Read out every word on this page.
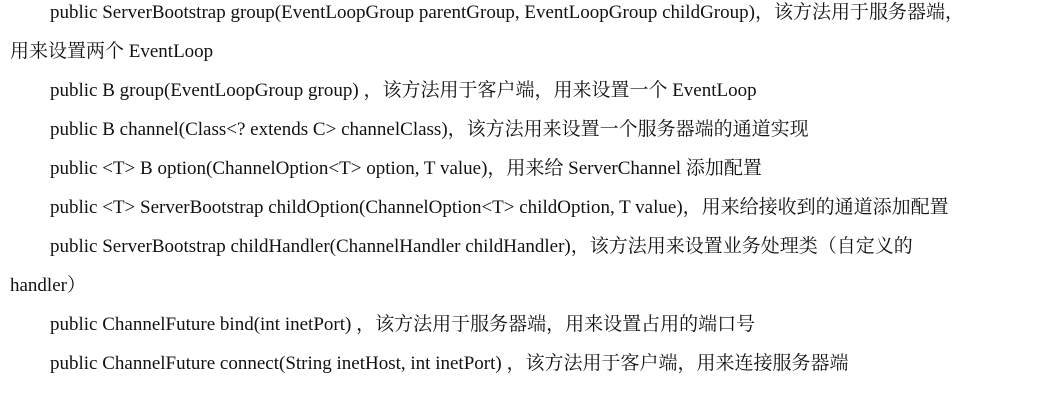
public ServerBootstrap group(EventLoopGroup parentGroup, EventLoopGroup childGroup)，该方法用于服务器端，
用来设置两个 EventLoop

public B group(EventLoopGroup group) ，该方法用于客户端，用来设置一个 EventLoop

public B channel(Class<? extends C> channelClass)，该方法用来设置一个服务器端的通道实现

public <T> B option(ChannelOption<T> option, T value)，用来给 ServerChannel 添加配置

public <T> ServerBootstrap childOption(ChannelOption<T> childOption, T value)，用来给接收到的通道添加配置

public ServerBootstrap childHandler(ChannelHandler childHandler)，该方法用来设置业务处理类（自定义的
handler）

public ChannelFuture bind(int inetPort) ，该方法用于服务器端，用来设置占用的端口号

public ChannelFuture connect(String inetHost, int inetPort) ，该方法用于客户端，用来连接服务器端
